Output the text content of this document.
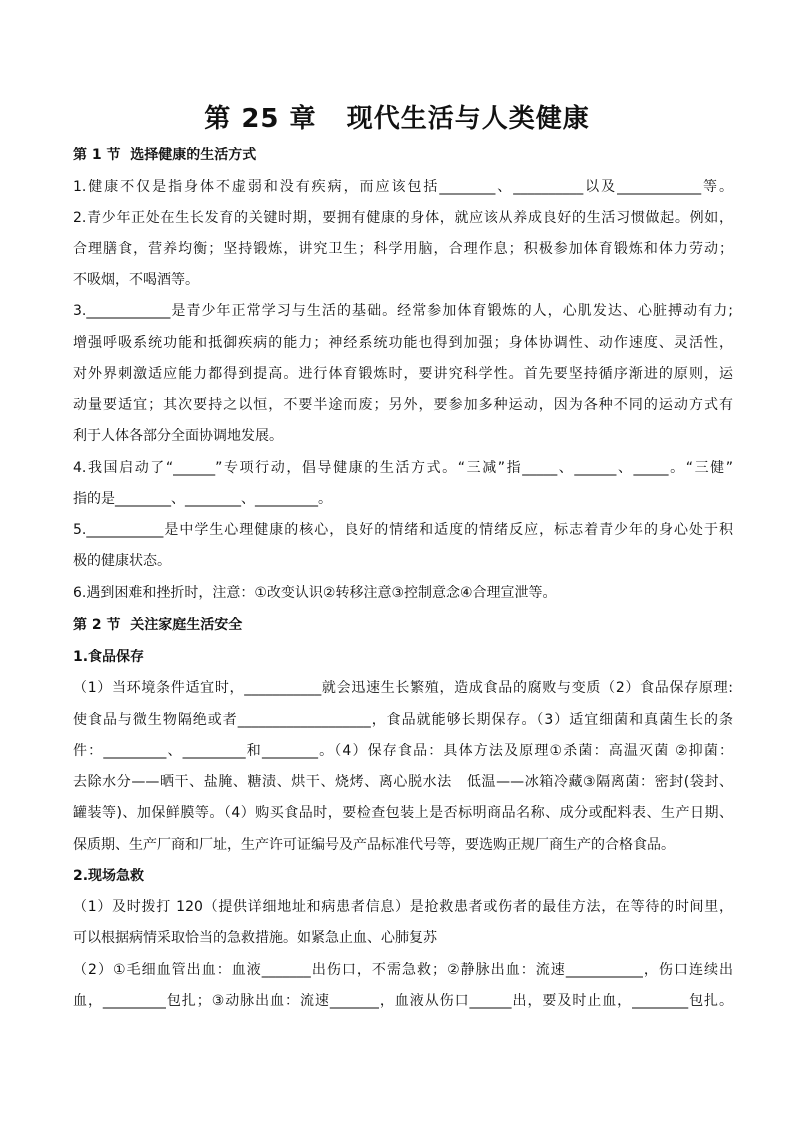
第 25 章   现代生活与人类健康
第 1 节  选择健康的生活方式
1.健康不仅是指身体不虚弱和没有疾病，而应该包括________、__________以及____________等。
2.青少年正处在生长发育的关键时期，要拥有健康的身体，就应该从养成良好的生活习惯做起。例如，
合理膳食，营养均衡；坚持锻炼，讲究卫生；科学用脑，合理作息；积极参加体育锻炼和体力劳动；
不吸烟，不喝酒等。
3.____________是青少年正常学习与生活的基础。经常参加体育锻炼的人，心肌发达、心脏搏动有力;
增强呼吸系统功能和抵御疾病的能力；神经系统功能也得到加强；身体协调性、动作速度、灵活性，
对外界刺激适应能力都得到提高。进行体育锻炼时，要讲究科学性。首先要坚持循序渐进的原则，运
动量要适宜；其次要持之以恒，不要半途而废；另外，要参加多种运动，因为各种不同的运动方式有
利于人体各部分全面协调地发展。
4.我国启动了“______”专项行动，倡导健康的生活方式。“三减”指_____、______、_____。“三健”
指的是________、________、_________。
5.___________是中学生心理健康的核心，良好的情绪和适度的情绪反应，标志着青少年的身心处于积
极的健康状态。
6.遇到困难和挫折时，注意：①改变认识②转移注意③控制意念④合理宣泄等。
第 2 节  关注家庭生活安全
1.食品保存
（1）当环境条件适宜时，___________就会迅速生长繁殖，造成食品的腐败与变质（2）食品保存原理:
使食品与微生物隔绝或者___________________，食品就能够长期保存。（3）适宜细菌和真菌生长的条
件：_________、_________和________。（4）保存食品：具体方法及原理①杀菌：高温灭菌 ②抑菌：
去除水分——晒干、盐腌、糖渍、烘干、烧烤、离心脱水法   低温——冰箱冷藏③隔离菌：密封(袋封、
罐装等)、加保鲜膜等。（4）购买食品时，要检查包装上是否标明商品名称、成分或配料表、生产日期、
保质期、生产厂商和厂址，生产许可证编号及产品标准代号等，要选购正规厂商生产的合格食品。
2.现场急救
（1）及时拨打 120（提供详细地址和病患者信息）是抢救患者或伤者的最佳方法，在等待的时间里，
可以根据病情采取恰当的急救措施。如紧急止血、心肺复苏
（2）①毛细血管出血：血液_______出伤口，不需急救；②静脉出血：流速___________，伤口连续出
血，_________包扎；③动脉出血：流速_______，血液从伤口______出，要及时止血，________包扎。
